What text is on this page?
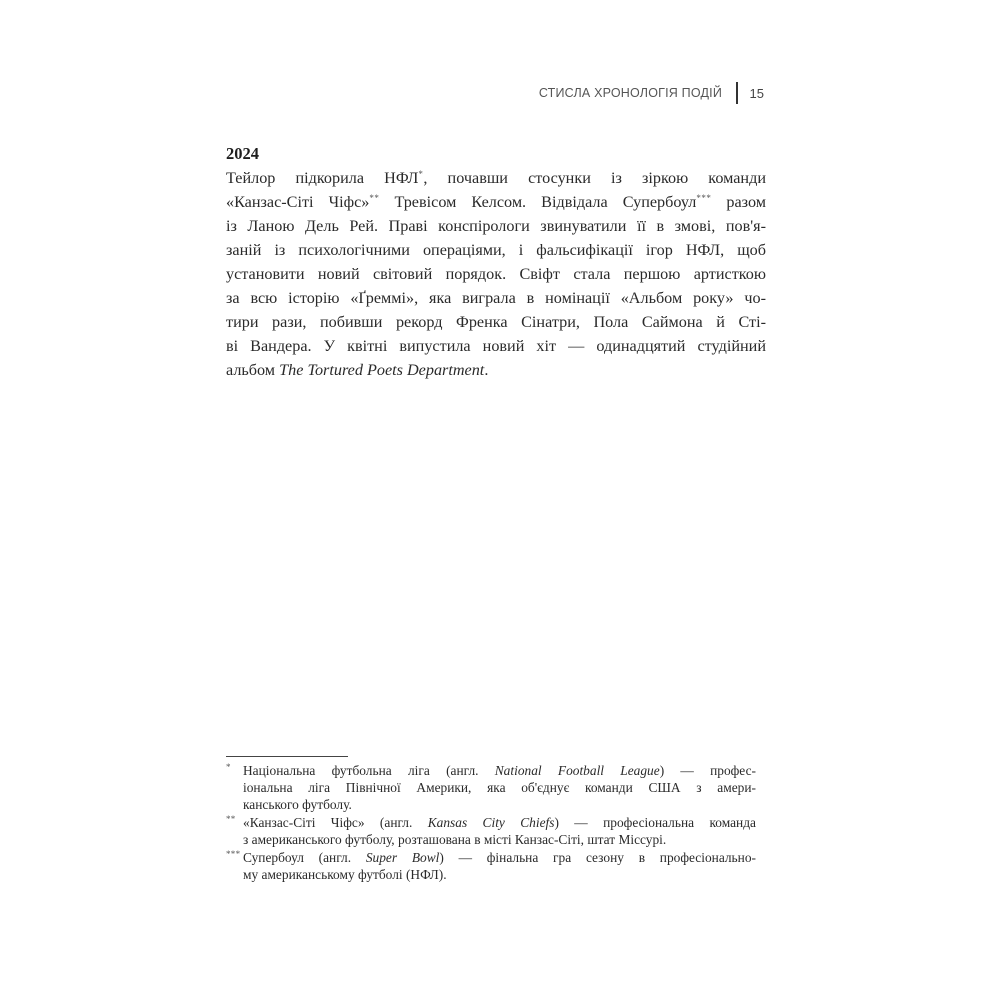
СТИСЛА ХРОНОЛОГІЯ ПОДІЙ 15
2024

Тейлор підкорила НФЛ*, почавши стосунки із зіркою команди
«Канзас-Сіті Чіфс»** Тревісом Келсом. Відвідала Супербоул*** разом
із Ланою Дель Рей. Праві конспірологи звинуватили її в змові, пов'я-
заній із психологічними операціями, і фальсифікації ігор НФЛ, щоб
установити новий світовий порядок. Свіфт стала першою артисткою
за всю історію «Ґреммі», яка виграла в номінації «Альбом року» чо-
тири рази, побивши рекорд Френка Сінатри, Пола Саймона й Сті-
ві Вандера. У квітні випустила новий хіт — одинадцятий студійний
альбом The Tortured Poets Department.

* Національна футбольна ліга (англ. National Football League) — профес-
іональна ліга Північної Америки, яка об'єднує команди США з амери-
канського футболу.
** «Канзас-Сіті Чіфс» (англ. Kansas City Chiefs) — професіональна команда
з американського футболу, розташована в місті Канзас-Сіті, штат Міссурі.
*** Супербоул (англ. Super Bowl) — фінальна гра сезону в професіонально-
му американському футболі (НФЛ).
